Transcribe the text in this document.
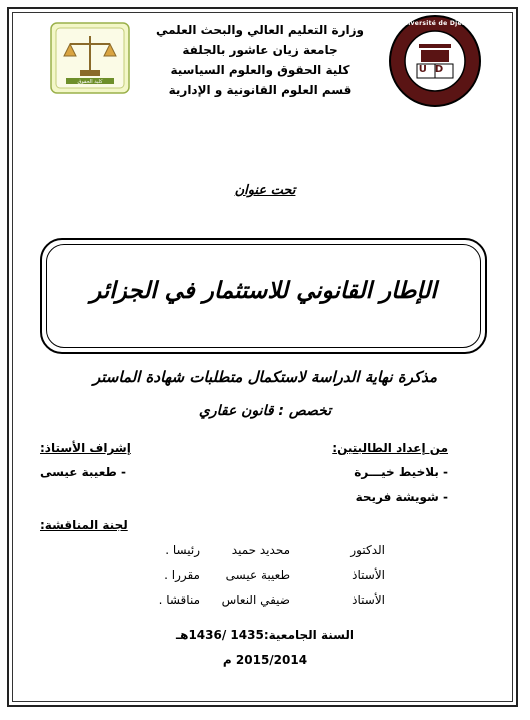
كلية الحقوق
Université de Djelfa
UD
وزارة التعليم العالي والبحث العلمي
جامعة زيان عاشور بالجلفة
كلية الحقوق والعلوم السياسية
قسم العلوم القانونية و الإدارية
تحت عنوان
الإطار القانوني للاستثمار في الجزائر
مذكرة نهاية الدراسة لاستكمال متطلبات شهادة الماستر
تخصص : قانون عقاري
من إعداد الطالبتين:
- بلاخيط خيـــرة
- شويشة فريحة
إشراف الأستاذ:
- طعيبة عيسى
لجنة المناقشة:
الدكتور
محديد حميد
رئيسا .
الأستاذ
طعيبة عيسى
مقررا .
الأستاذ
ضيفي النعاس
مناقشا .
السنة الجامعية:1435 /1436هـ
2015/2014 م
